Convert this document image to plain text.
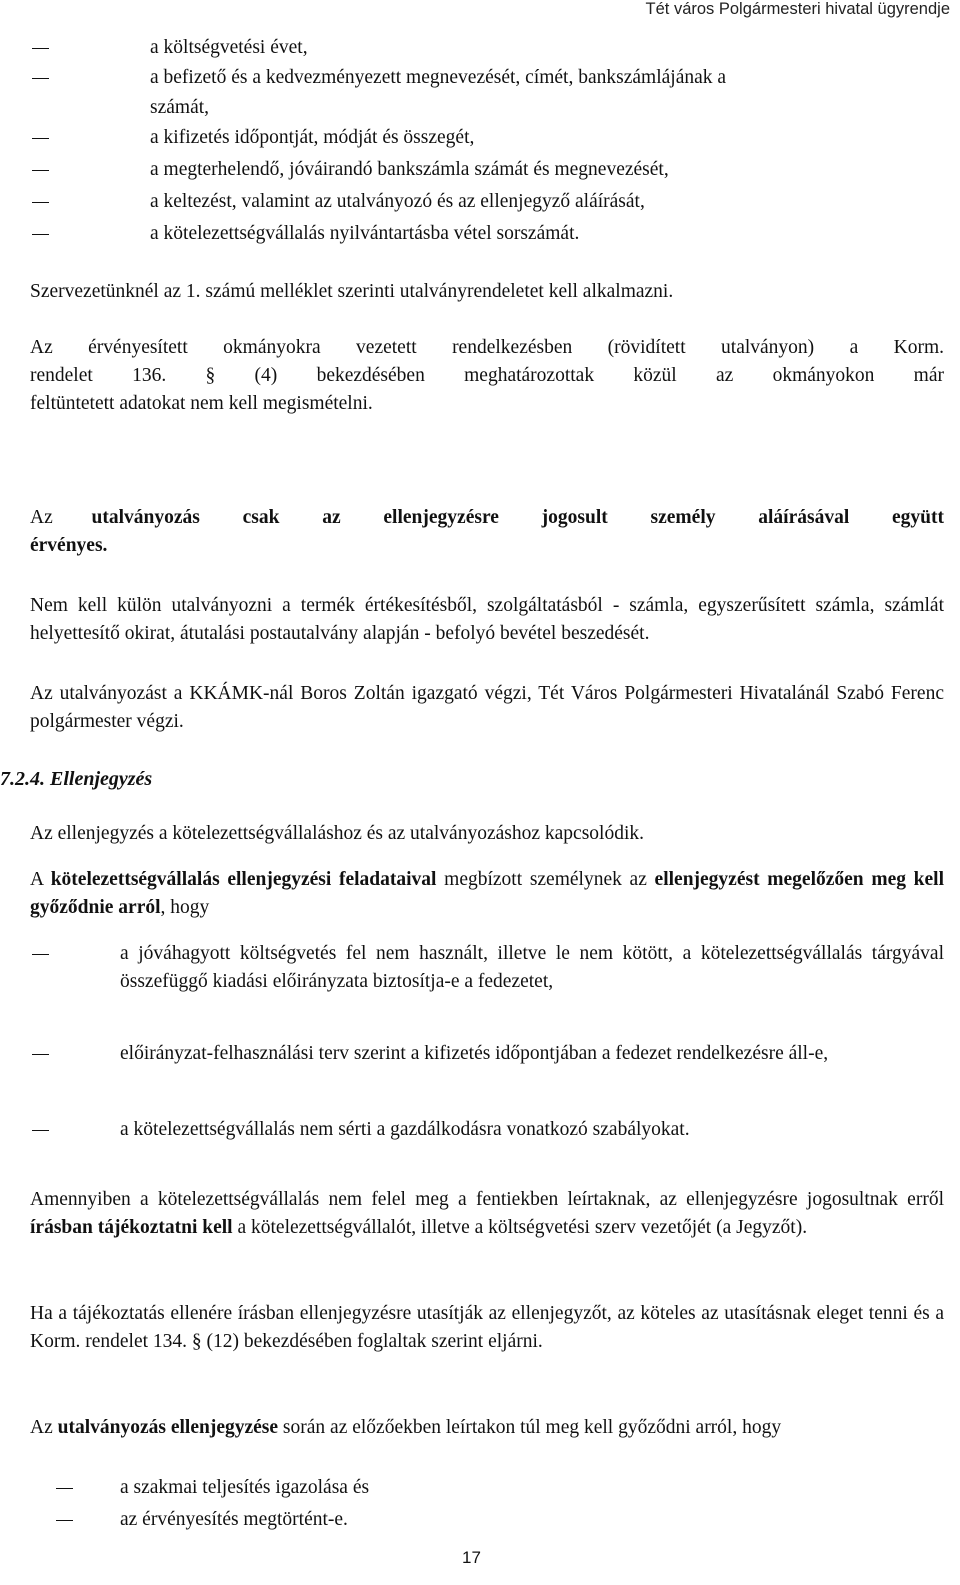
Tét város Polgármesteri hivatal ügyrendje
a költségvetési évet,
a befizető és a kedvezményezett megnevezését, címét, bankszámlájának a
számát,
a kifizetés időpontját, módját és összegét,
a megterhelendő, jóváirandó bankszámla számát és megnevezését,
a keltezést, valamint az utalványozó és az ellenjegyző aláírását,
a kötelezettségvállalás nyilvántartásba vétel sorszámát.
Szervezetünknél az 1. számú melléklet szerinti utalványrendeletet kell alkalmazni.
Az érvényesített okmányokra vezetett rendelkezésben (rövidített utalványon) a Korm.
rendelet 136. § (4) bekezdésében meghatározottak közül az okmányokon már
feltüntetett adatokat nem kell megismételni.
Az utalványozás csak az ellenjegyzésre jogosult személy aláírásával együtt
érvényes.
Nem kell külön utalványozni a termék értékesítésből, szolgáltatásból - számla, egyszerűsített számla, számlát helyettesítő okirat, átutalási postautalvány alapján - befolyó bevétel beszedését.
Az utalványozást a KKÁMK-nál Boros Zoltán igazgató végzi, Tét Város Polgármesteri Hivatalánál Szabó Ferenc polgármester végzi.
7.2.4. Ellenjegyzés
Az ellenjegyzés a kötelezettségvállaláshoz és az utalványozáshoz kapcsolódik.
A kötelezettségvállalás ellenjegyzési feladataival megbízott személynek az ellenjegyzést megelőzően meg kell győződnie arról, hogy
a jóváhagyott költségvetés fel nem használt, illetve le nem kötött, a kötelezettségvállalás tárgyával összefüggő kiadási előirányzata biztosítja-e a fedezetet,
előirányzat-felhasználási terv szerint a kifizetés időpontjában a fedezet rendelkezésre áll-e,
a kötelezettségvállalás nem sérti a gazdálkodásra vonatkozó szabályokat.
Amennyiben a kötelezettségvállalás nem felel meg a fentiekben leírtaknak, az ellenjegyzésre jogosultnak erről írásban tájékoztatni kell a kötelezettségvállalót, illetve a költségvetési szerv vezetőjét (a Jegyzőt).
Ha a tájékoztatás ellenére írásban ellenjegyzésre utasítják az ellenjegyzőt, az köteles az utasításnak eleget tenni és a Korm. rendelet 134. § (12) bekezdésében foglaltak szerint eljárni.
Az utalványozás ellenjegyzése során az előzőekben leírtakon túl meg kell győződni arról, hogy
a szakmai teljesítés igazolása és
az érvényesítés megtörtént-e.
17
